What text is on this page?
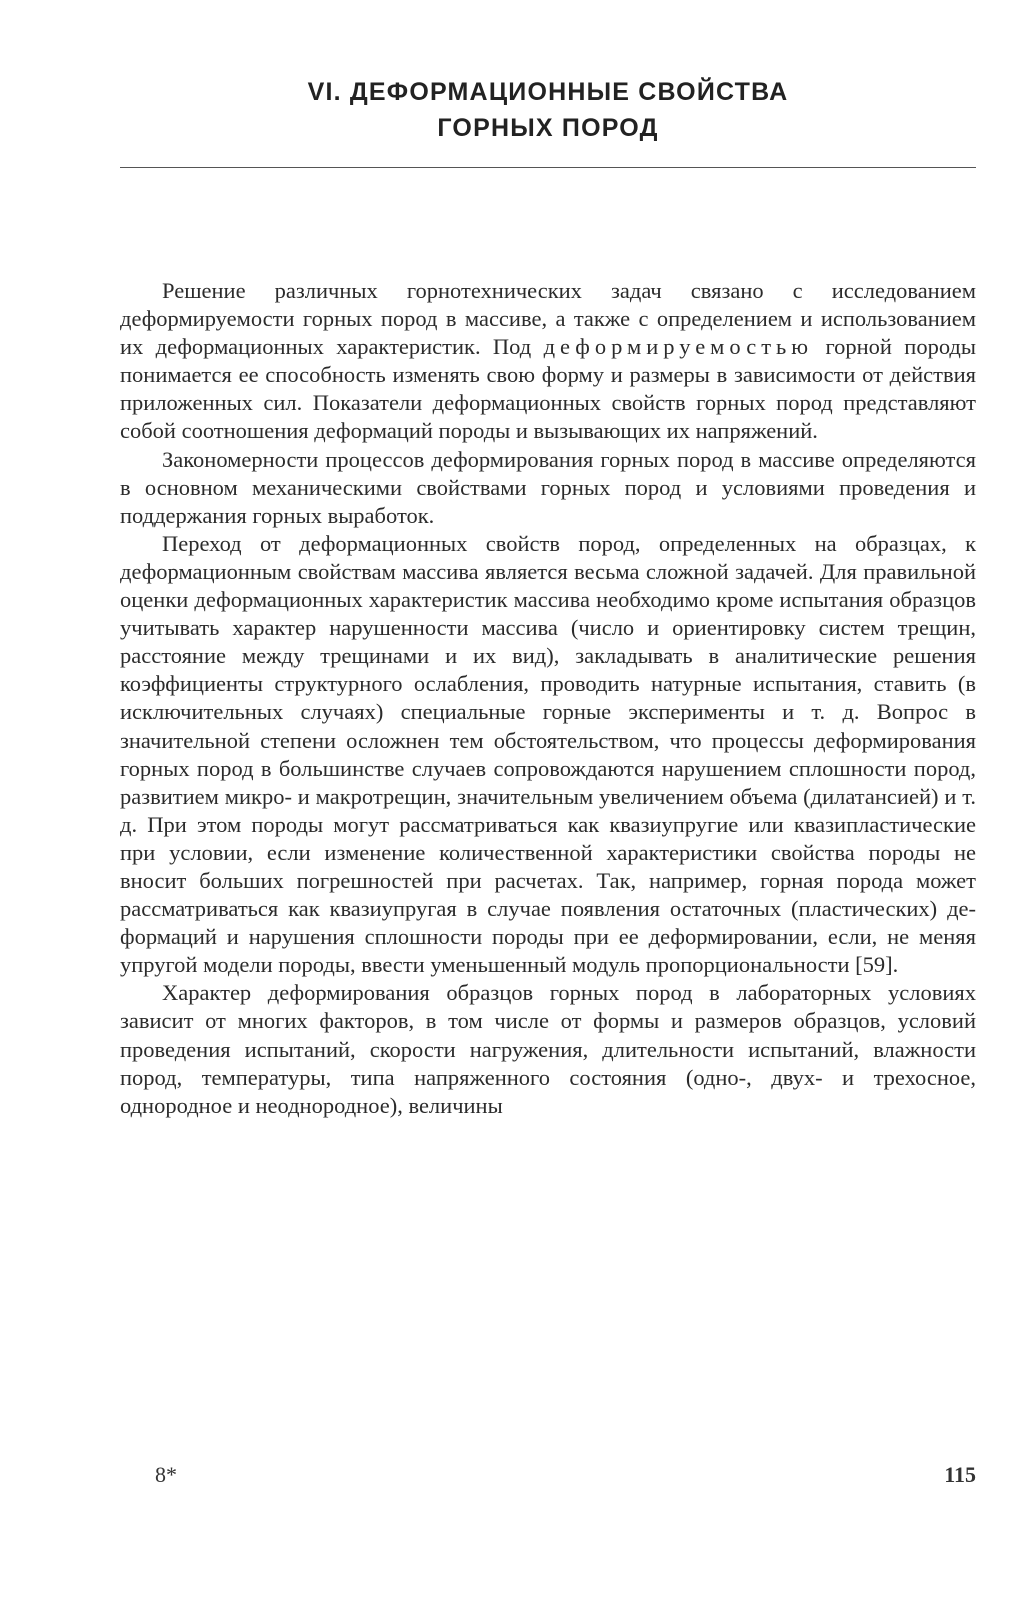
VI. ДЕФОРМАЦИОННЫЕ СВОЙСТВА
ГОРНЫХ ПОРОД

Решение различных горнотехнических задач связано с исследованием деформируемости горных пород в массиве, а также с определением и использованием их деформационных характеристик. Под деформируемостью горной породы понимается ее способность изменять свою форму и размеры в зависимости от действия приложенных сил. Показатели деформационных свойств горных пород представляют собой соотношения деформаций породы и вызывающих их напряжений.

Закономерности процессов деформирования горных пород в массиве определяются в основном механическими свойствами горных пород и условиями проведения и поддержания горных выработок.

Переход от деформационных свойств пород, определенных на образцах, к деформационным свойствам массива является весьма сложной задачей. Для правильной оценки деформационных характеристик массива необходимо кроме испытания образцов учитывать характер нарушенности массива (число и ориентировку систем трещин, расстояние между трещинами и их вид), закладывать в аналитические решения коэффициенты структурного ослабления, проводить натурные испытания, ставить (в исключительных случаях) специальные горные эксперименты и т. д. Вопрос в значительной степени осложнен тем обстоятельством, что процессы деформирования горных пород в большинстве случаев сопровождаются нарушением сплошности пород, развитием микро- и макротрещин, значительным увеличением объема (дилатансией) и т. д. При этом породы могут рассматриваться как квазиупругие или квазипластические при условии, если изменение количественной характеристики свойства породы не вносит больших погрешностей при расчетах. Так, например, горная порода может рассматриваться как квазиупругая в случае появления остаточных (пластических) деформаций и нарушения сплошности породы при ее деформировании, если, не меняя упругой модели породы, ввести уменьшенный модуль пропорциональности [59].

Характер деформирования образцов горных пород в лабораторных условиях зависит от многих факторов, в том числе от формы и размеров образцов, условий проведения испытаний, скорости нагружения, длительности испытаний, влажности пород, температуры, типа напряженного состояния (одно-, двух- и трехосное, однородное и неоднородное), величины

8*	115
